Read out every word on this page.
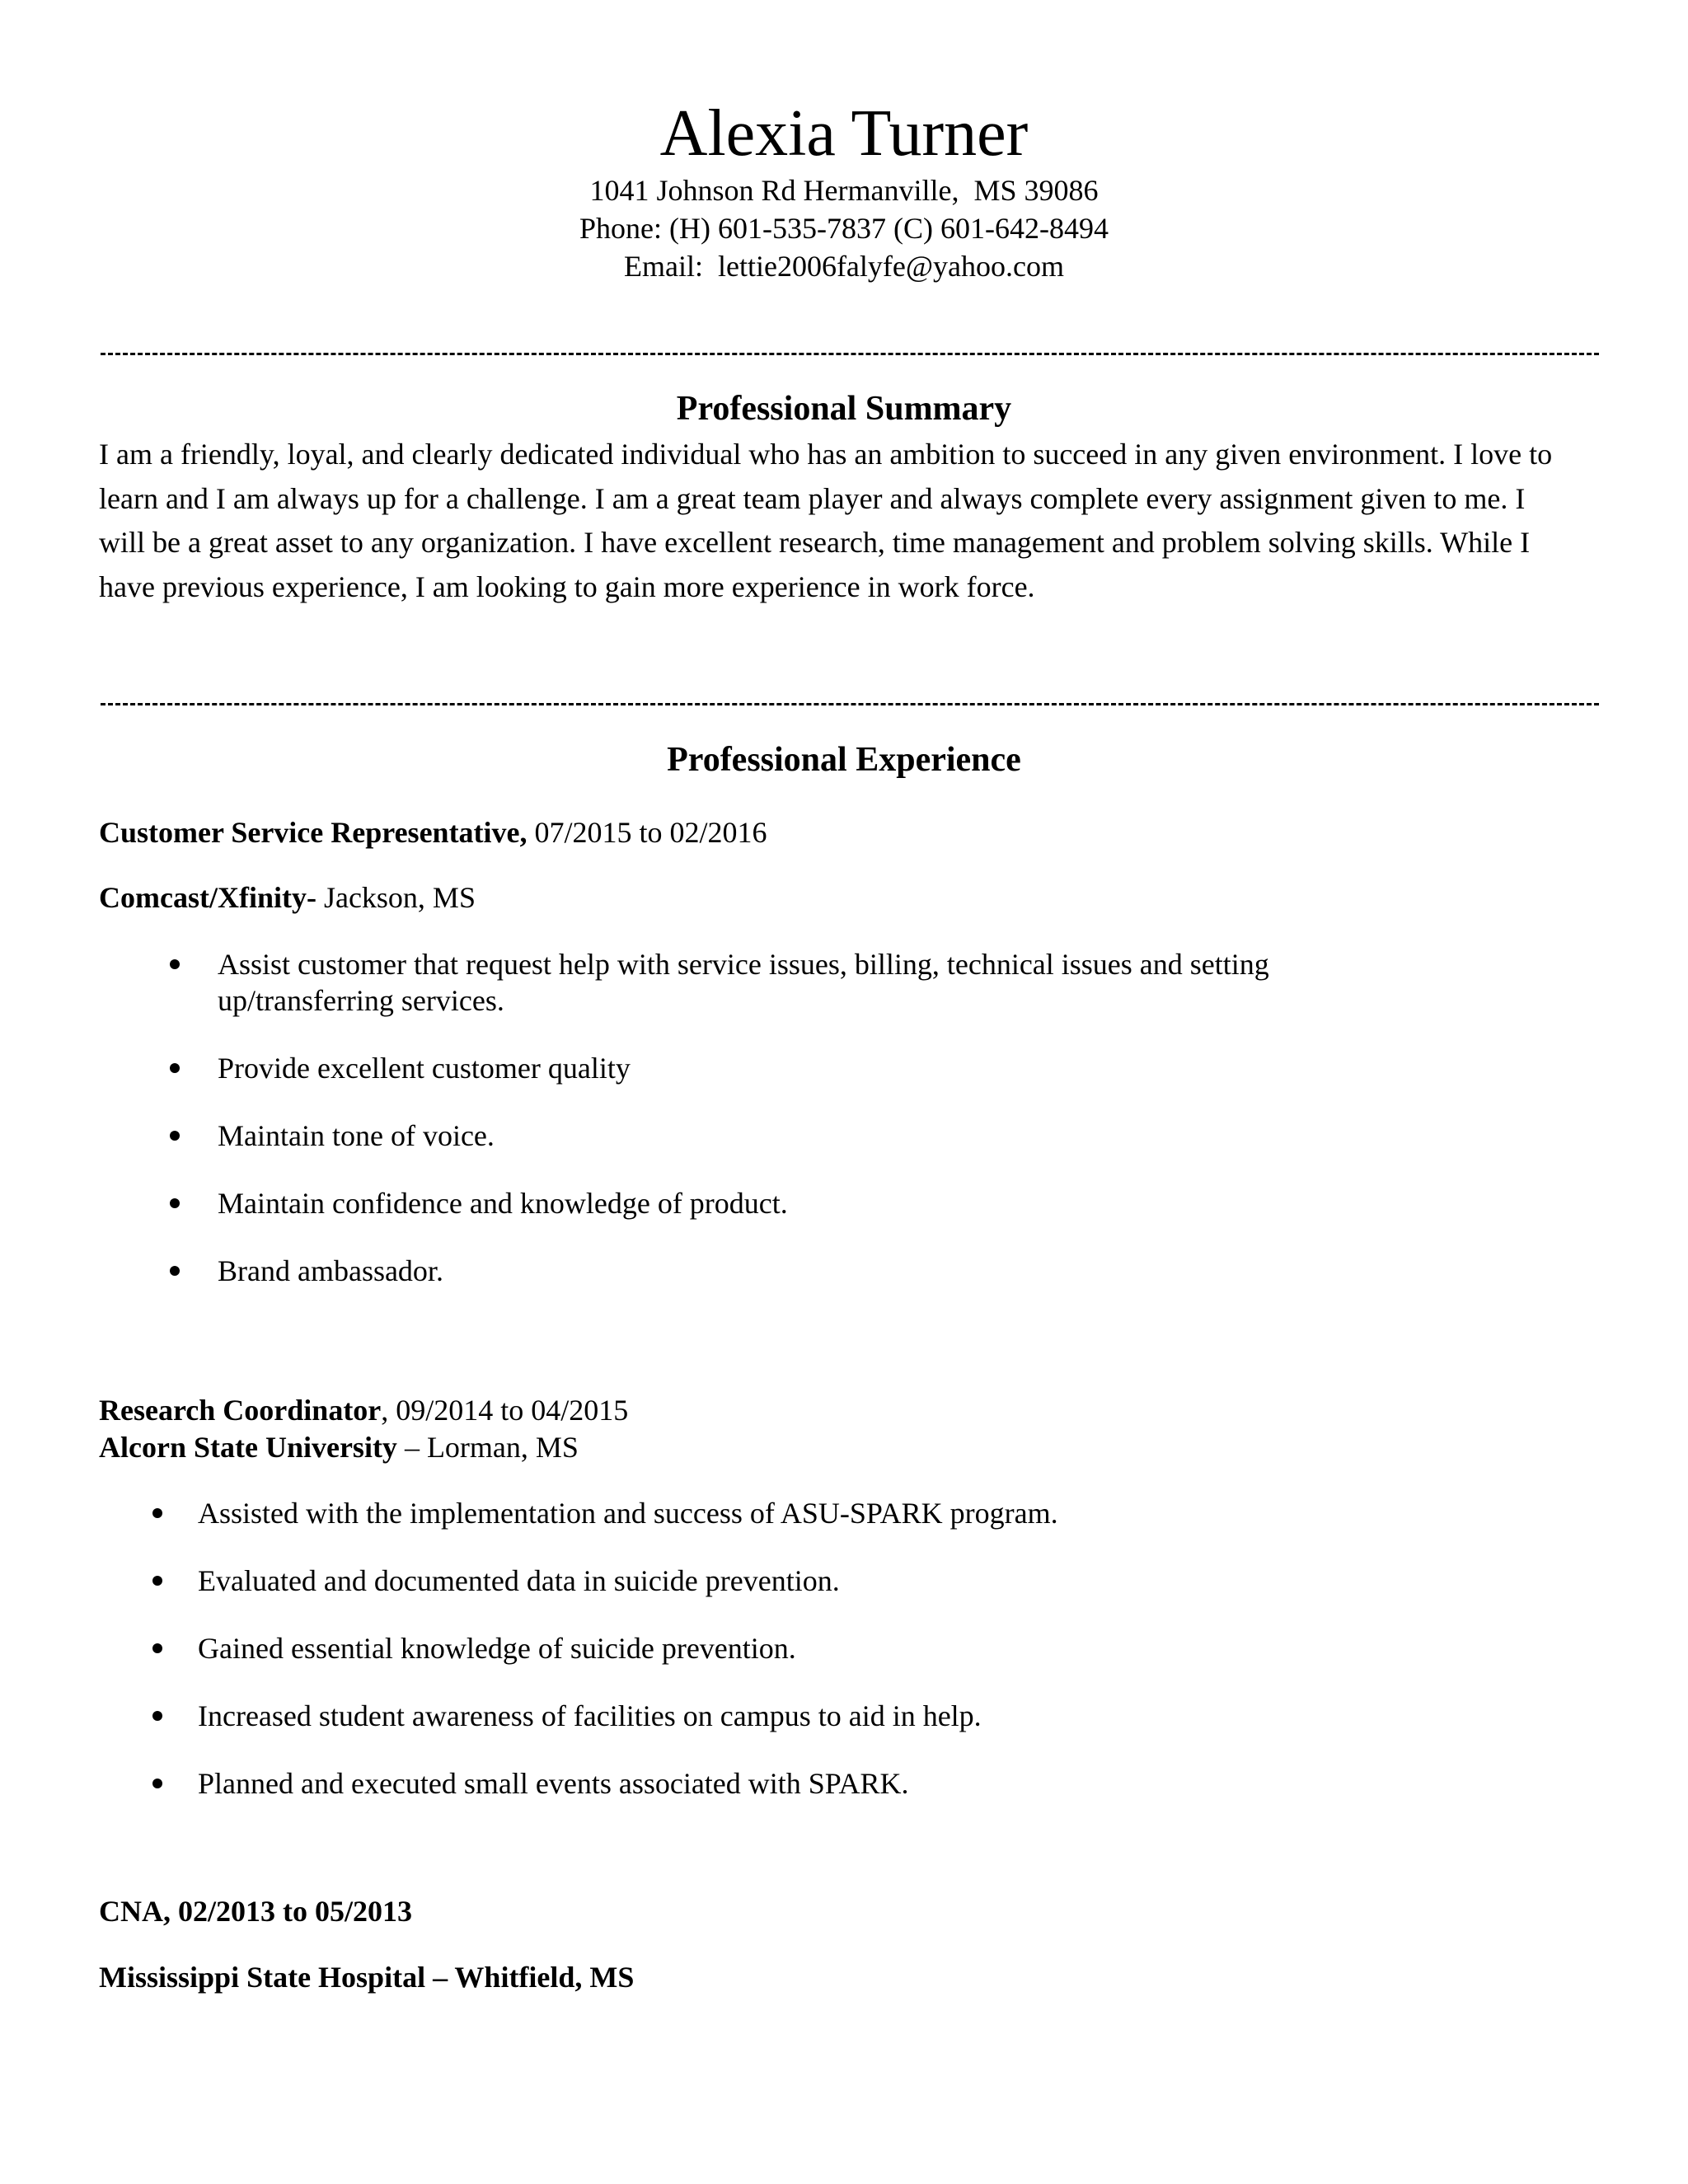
Alexia Turner
1041 Johnson Rd Hermanville,  MS 39086
Phone: (H) 601-535-7837 (C) 601-642-8494
Email:  lettie2006falyfe@yahoo.com
Professional Summary

I am a friendly, loyal, and clearly dedicated individual who has an ambition to succeed in any given environment. I love to learn and I am always up for a challenge. I am a great team player and always complete every assignment given to me. I will be a great asset to any organization. I have excellent research, time management and problem solving skills. While I have previous experience, I am looking to gain more experience in work force.

Professional Experience
Customer Service Representative, 07/2015 to 02/2016
Comcast/Xfinity- Jackson, MS
Assist customer that request help with service issues, billing, technical issues and setting up/transferring services.
Provide excellent customer quality
Maintain tone of voice.
Maintain confidence and knowledge of product.
Brand ambassador.
Research Coordinator, 09/2014 to 04/2015
Alcorn State University – Lorman, MS
Assisted with the implementation and success of ASU-SPARK program.
Evaluated and documented data in suicide prevention.
Gained essential knowledge of suicide prevention.
Increased student awareness of facilities on campus to aid in help.
Planned and executed small events associated with SPARK.
CNA, 02/2013 to 05/2013
Mississippi State Hospital – Whitfield, MS
